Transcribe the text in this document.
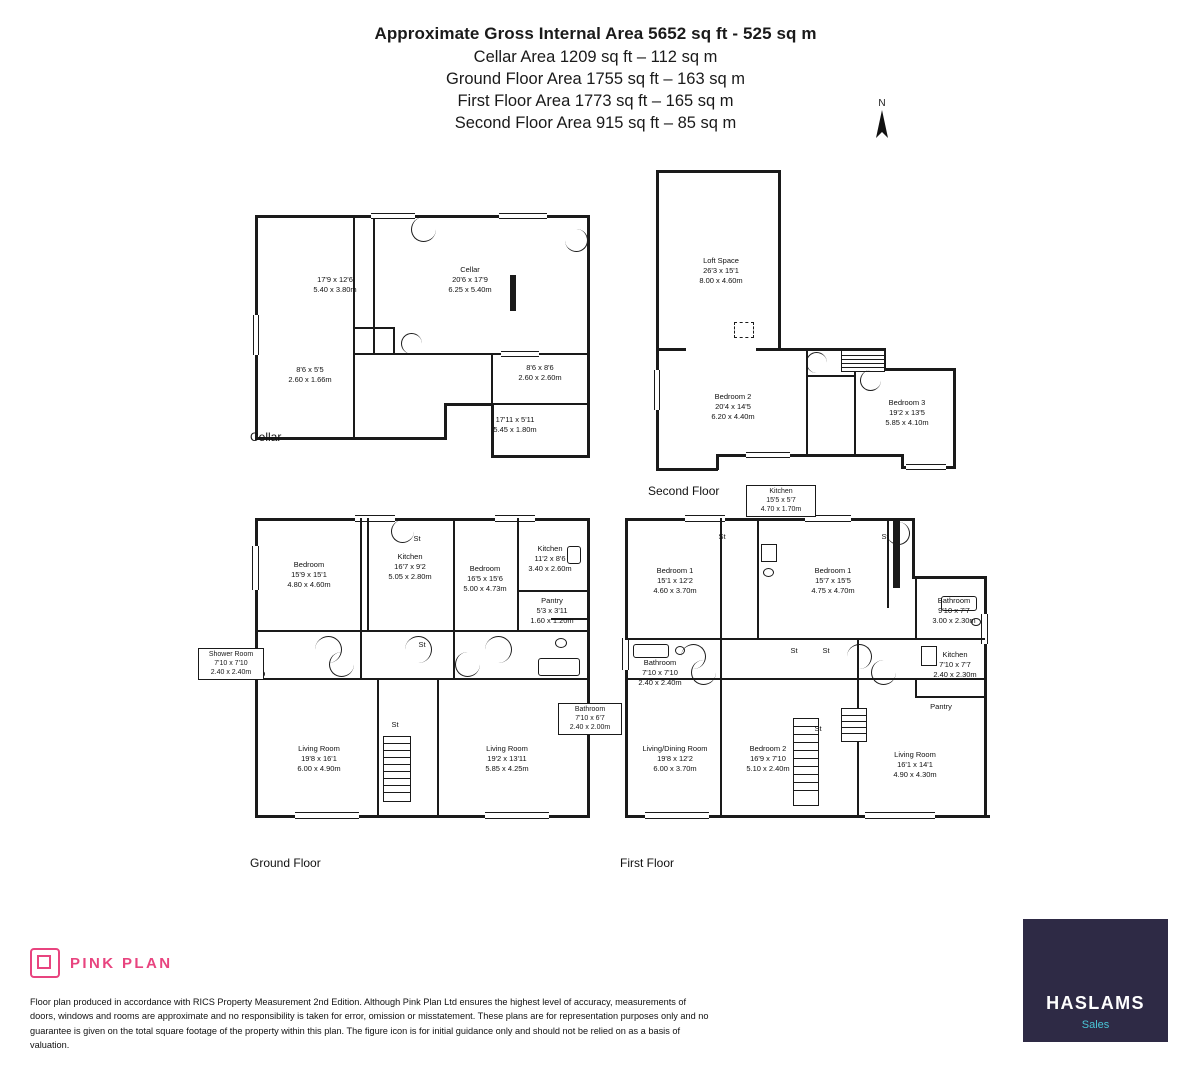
Approximate Gross Internal Area 5652 sq ft - 525 sq m
Cellar Area 1209 sq ft – 112 sq m
Ground Floor Area 1755 sq ft – 163 sq m
First Floor Area 1773 sq ft – 165 sq m
Second Floor Area 915 sq ft – 85 sq m
N
17'9 x 12'6
5.40 x 3.80m
Cellar
20'6 x 17'9
6.25 x 5.40m
8'6 x 5'5
2.60 x 1.66m
8'6 x 8'6
2.60 x 2.60m
17'11 x 5'11
5.45 x 1.80m
Cellar
Loft Space
26'3 x 15'1
8.00 x 4.60m
Bedroom 2
20'4 x 14'5
6.20 x 4.40m
Bedroom 3
19'2 x 13'5
5.85 x 4.10m
Second Floor
St
St
St
Bedroom
15'9 x 15'1
4.80 x 4.60m
Kitchen
16'7 x 9'2
5.05 x 2.80m
Bedroom
16'5 x 15'6
5.00 x 4.73m
Kitchen
11'2 x 8'6
3.40 x 2.60m
Pantry
5'3 x 3'11
1.60 x 1.20m
Living Room
19'8 x 16'1
6.00 x 4.90m
Living Room
19'2 x 13'11
5.85 x 4.25m
Shower Room
7'10 x 7'10
2.40 x 2.40m
Bathroom
7'10 x 6'7
2.40 x 2.00m
Ground Floor
St
St	St
St	St
Bedroom 1
15'1 x 12'2
4.60 x 3.70m
Bedroom 1
15'7 x 15'5
4.75 x 4.70m
Bathroom
9'10 x 7'7
3.00 x 2.30m
Kitchen
7'10 x 7'7
2.40 x 2.30m
Bathroom
7'10 x 7'10
2.40 x 2.40m
Living/Dining Room
19'8 x 12'2
6.00 x 3.70m
Bedroom 2
16'9 x 7'10
5.10 x 2.40m
Living Room
16'1 x 14'1
4.90 x 4.30m
Pantry
Kitchen
15'5 x 5'7
4.70 x 1.70m
First Floor
PINK PLAN
Floor plan produced in accordance with RICS Property Measurement 2nd Edition. Although Pink Plan Ltd ensures the highest level of accuracy, measurements of doors, windows and rooms are approximate and no responsibility is taken for error, omission or misstatement. These plans are for representation purposes only and no guarantee is given on the total square footage of the property within this plan. The figure icon is for initial guidance only and should not be relied on as a basis of valuation.
HASLAMS
Sales
